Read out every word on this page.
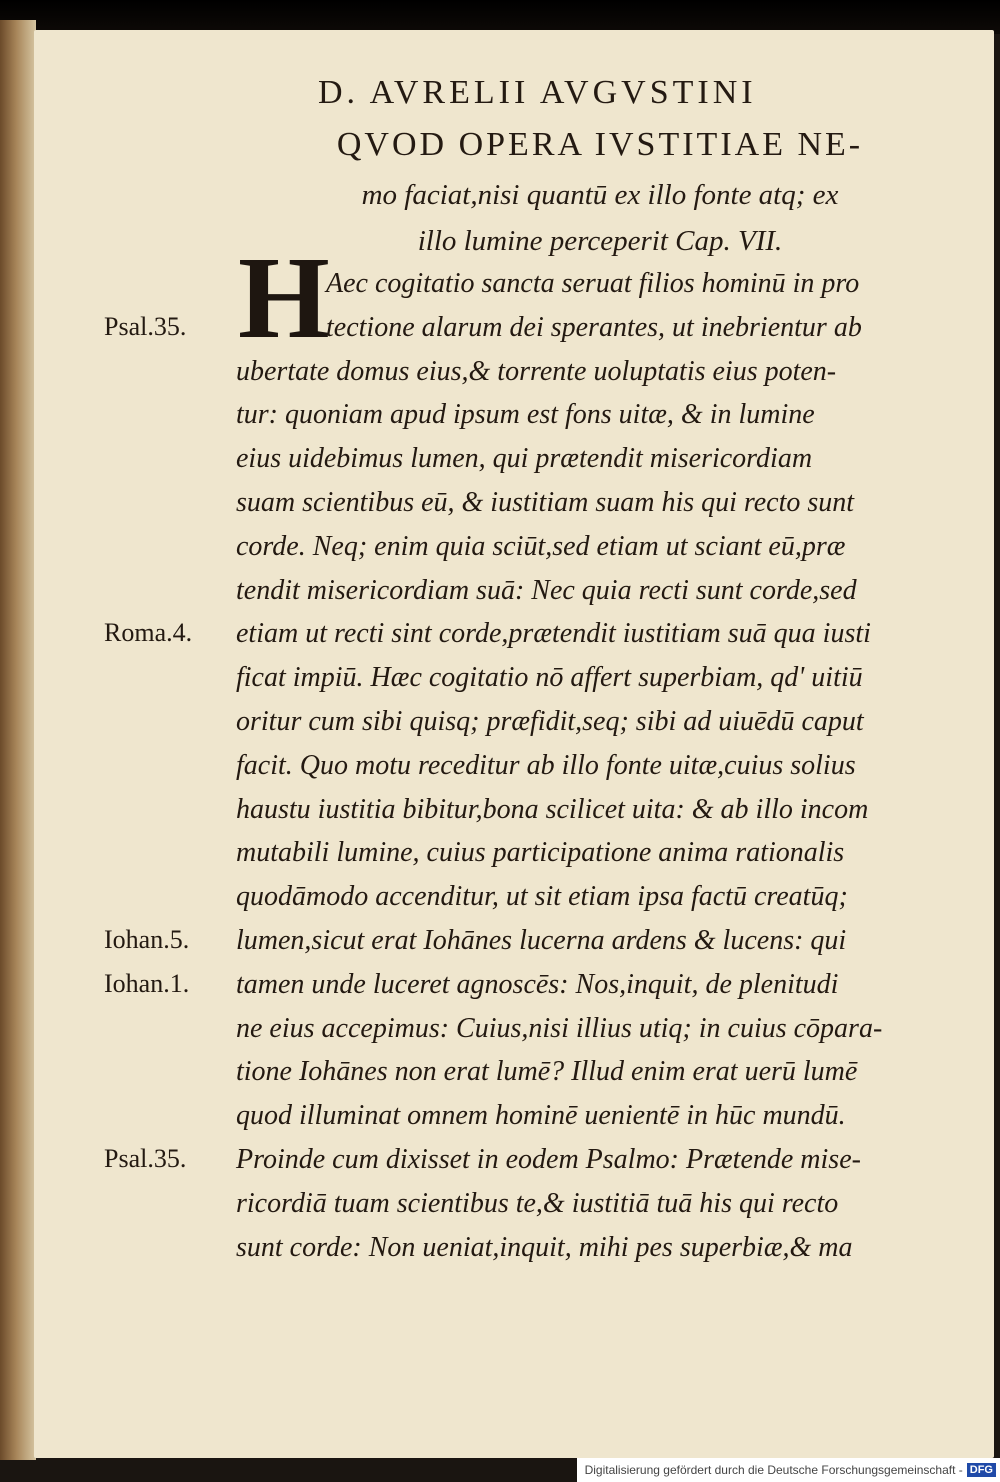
D. AVRELII AVGVSTINI
QVOD OPERA IVSTITIAE NE-
mo faciat,nisi quantū ex illo fonte atq; ex
illo lumine perceperit Cap. VII.
H
Aec cogitatio sancta seruat filios hominū in pro
tectione alarum dei sperantes, ut inebrientur ab
ubertate domus eius,& torrente uoluptatis eius poten-
tur: quoniam apud ipsum est fons uitæ, & in lumine
eius uidebimus lumen, qui prætendit misericordiam
suam scientibus eū, & iustitiam suam his qui recto sunt
corde. Neq; enim quia sciūt,sed etiam ut sciant eū,præ
tendit misericordiam suā: Nec quia recti sunt corde,sed
etiam ut recti sint corde,prætendit iustitiam suā qua iusti
ficat impiū. Hæc cogitatio nō affert superbiam, qd' uitiū
oritur cum sibi quisq; præfidit,seq; sibi ad uiuēdū caput
facit. Quo motu receditur ab illo fonte uitæ,cuius solius
haustu iustitia bibitur,bona scilicet uita: & ab illo incom
mutabili lumine, cuius participatione anima rationalis
quodāmodo accenditur, ut sit etiam ipsa factū creatūq;
lumen,sicut erat Iohānes lucerna ardens & lucens: qui
tamen unde luceret agnoscēs: Nos,inquit, de plenitudi
ne eius accepimus: Cuius,nisi illius utiq; in cuius cōpara-
tione Iohānes non erat lumē? Illud enim erat uerū lumē
quod illuminat omnem hominē uenientē in hūc mundū.
Proinde cum dixisset in eodem Psalmo: Prætende mise-
ricordiā tuam scientibus te,& iustitiā tuā his qui recto
sunt corde: Non ueniat,inquit, mihi pes superbiæ,& ma
Psal.35.
Roma.4.
Iohan.5.
Iohan.1.
Psal.35.
Digitalisierung gefördert durch die Deutsche Forschungsgemeinschaft - DFG
